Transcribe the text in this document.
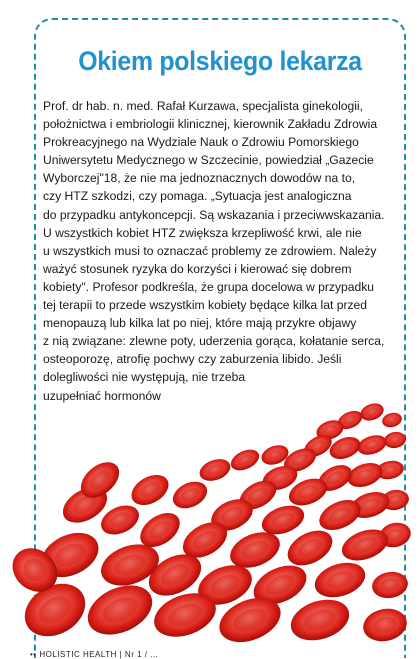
Okiem polskiego lekarza
Prof. dr hab. n. med. Rafał Kurzawa, specjalista ginekologii,
położnictwa i embriologii klinicznej, kierownik Zakładu Zdrowia
Prokreacyjnego na Wydziale Nauk o Zdrowiu Pomorskiego
Uniwersytetu Medycznego w Szczecinie, powiedział „Gazecie
Wyborczej"18, że nie ma jednoznacznych dowodów na to,
czy HTZ szkodzi, czy pomaga. „Sytuacja jest analogiczna
do przypadku antykoncepcji. Są wskazania i przeciwwskazania.
U wszystkich kobiet HTZ zwiększa krzepliwość krwi, ale nie
u wszystkich musi to oznaczać problemy ze zdrowiem. Należy
ważyć stosunek ryzyka do korzyści i kierować się dobrem
kobiety". Profesor podkreśla, że grupa docelowa w przypadku
tej terapii to przede wszystkim kobiety będące kilka lat przed
menopauzą lub kilka lat po niej, które mają przykre objawy
z nią związane: zlewne poty, uderzenia gorąca, kołatanie serca,
osteoporozę, atrofię pochwy czy zaburzenia libido. Jeśli
dolegliwości nie występują, nie trzeba
uzupełniać hormonów
•• HOLISTIC HEALTH | Nr 1 / ...
